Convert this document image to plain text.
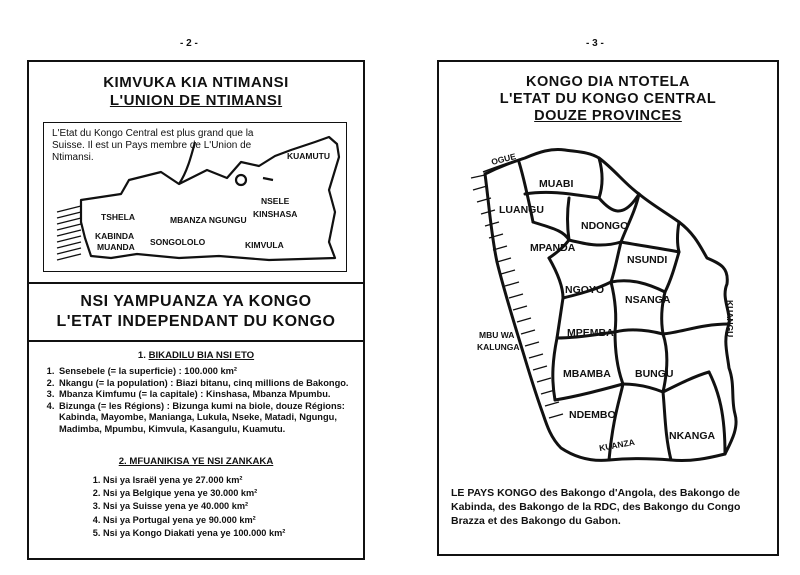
- 2 -
KIMVUKA KIA NTIMANSI
L'UNION DE NTIMANSI
L'Etat du Kongo Central est plus grand que la Suisse. Il est un Pays membre de L'Union de Ntimansi.	KUAMUTU
NSELE
KINSHASA
TSHELA	MBANZA NGUNGU
KABINDA
MUANDA SONGOLOLO	KIMVULA
NSI YAMPUANZA YA KONGO
L'ETAT INDEPENDANT DU KONGO
1. BIKADILU BIA NSI ETO
1. Sensebele (= la superficie) : 100.000 km²
2. Nkangu (= la population) : Biazi bitanu, cinq millions de Bakongo.
3. Mbanza Kimfumu (= la capitale) : Kinshasa, Mbanza Mpumbu.
4. Bizunga (= les Régions) : Bizunga kumi na biole, douze Régions: Kabinda, Mayombe, Manianga, Lukula, Nseke, Matadi, Ngungu, Madimba, Mpumbu, Kimvula, Kasangulu, Kuamutu.
2. MFUANIKISA YE NSI ZANKAKA
1. Nsi ya Israël yena ye 27.000 km²
2. Nsi ya Belgique yena ye 30.000 km²
3. Nsi ya Suisse yena ye 40.000 km²
4. Nsi ya Portugal yena ye 90.000 km²
5. Nsi ya Kongo Diakati yena ye 100.000 km²
- 3 -
KONGO DIA NTOTELA
L'ETAT DU KONGO CENTRAL
DOUZE PROVINCES
MUABI
LUANGU
NDONGO
MPANDA
NSUNDI
NGOYO
NSANGA
MPEMBA
MBAMBA BUNGU
NDEMBO
NKANGA
OGUE
MBU WA
KALUNGA
KUANGU
KUANZA
LE PAYS KONGO des Bakongo d'Angola, des Bakongo de Kabinda, des Bakongo de la RDC, des Bakongo du Congo Brazza et des Bakongo du Gabon.
